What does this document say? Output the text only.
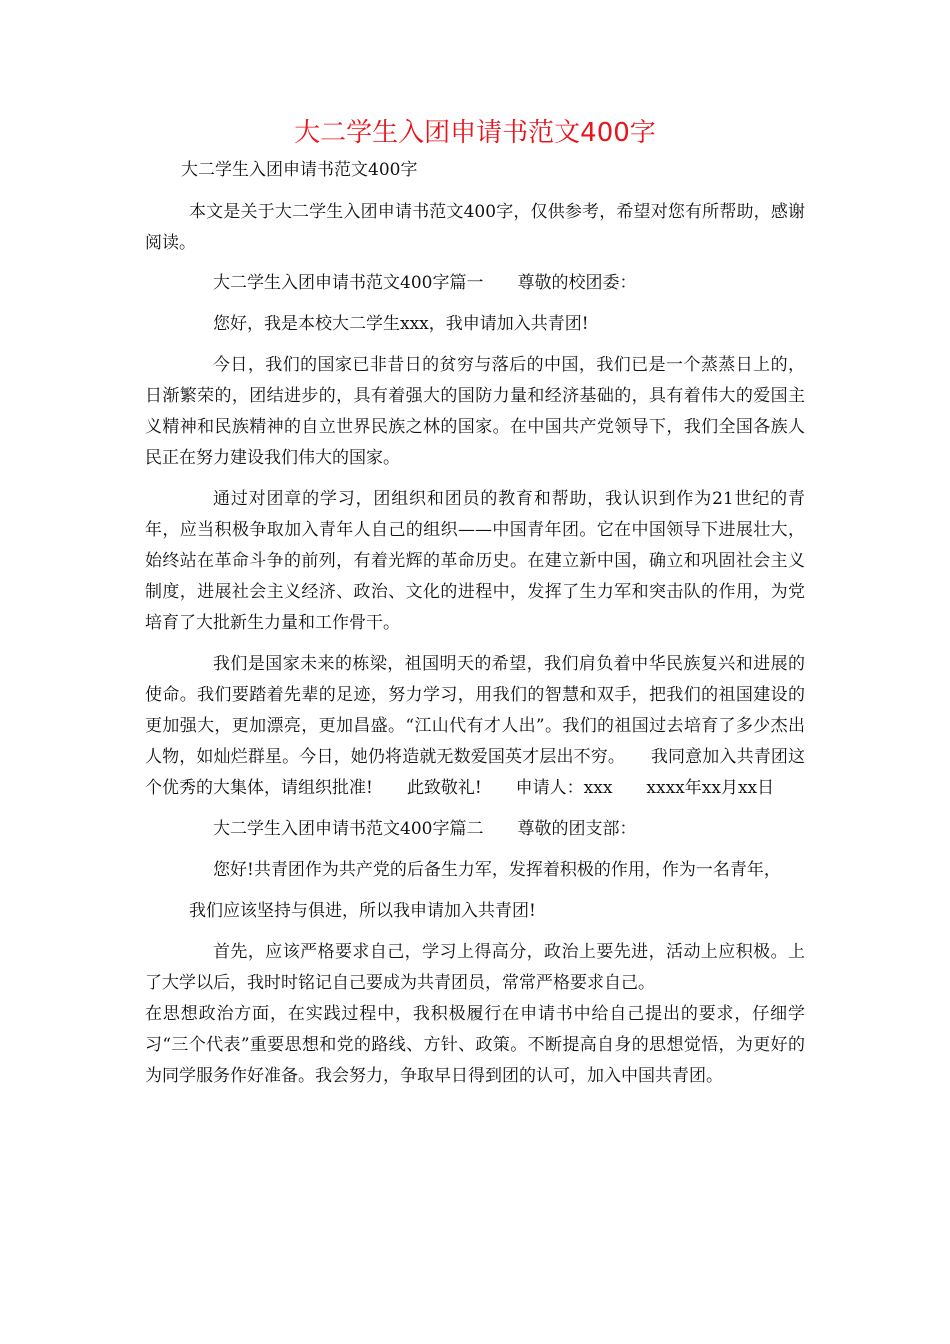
大二学生入团申请书范文400字

大二学生入团申请书范文400字

本文是关于大二学生入团申请书范文400字，仅供参考，希望对您有所帮助，感谢阅读。

大二学生入团申请书范文400字篇一　　尊敬的校团委：

您好，我是本校大二学生xxx，我申请加入共青团!

今日，我们的国家已非昔日的贫穷与落后的中国，我们已是一个蒸蒸日上的，日渐繁荣的，团结进步的，具有着强大的国防力量和经济基础的，具有着伟大的爱国主义精神和民族精神的自立世界民族之林的国家。在中国共产党领导下，我们全国各族人民正在努力建设我们伟大的国家。

通过对团章的学习，团组织和团员的教育和帮助，我认识到作为21世纪的青年，应当积极争取加入青年人自己的组织——中国青年团。它在中国领导下进展壮大，始终站在革命斗争的前列，有着光辉的革命历史。在建立新中国，确立和巩固社会主义制度，进展社会主义经济、政治、文化的进程中，发挥了生力军和突击队的作用，为党培育了大批新生力量和工作骨干。

我们是国家未来的栋梁，祖国明天的希望，我们肩负着中华民族复兴和进展的使命。我们要踏着先辈的足迹，努力学习，用我们的智慧和双手，把我们的祖国建设的更加强大，更加漂亮，更加昌盛。“江山代有才人出”。我们的祖国过去培育了多少杰出人物，如灿烂群星。今日，她仍将造就无数爱国英才层出不穷。　　我同意加入共青团这个优秀的大集体，请组织批准!　　此致敬礼!　　申请人：xxx　　xxxx年xx月xx日

大二学生入团申请书范文400字篇二　　尊敬的团支部：

您好!共青团作为共产党的后备生力军，发挥着积极的作用，作为一名青年，

我们应该坚持与俱进，所以我申请加入共青团!

首先，应该严格要求自己，学习上得高分，政治上要先进，活动上应积极。上了大学以后，我时时铭记自己要成为共青团员，常常严格要求自己。

在思想政治方面，在实践过程中，我积极履行在申请书中给自己提出的要求，仔细学习“三个代表”重要思想和党的路线、方针、政策。不断提高自身的思想觉悟，为更好的为同学服务作好准备。我会努力，争取早日得到团的认可，加入中国共青团。
